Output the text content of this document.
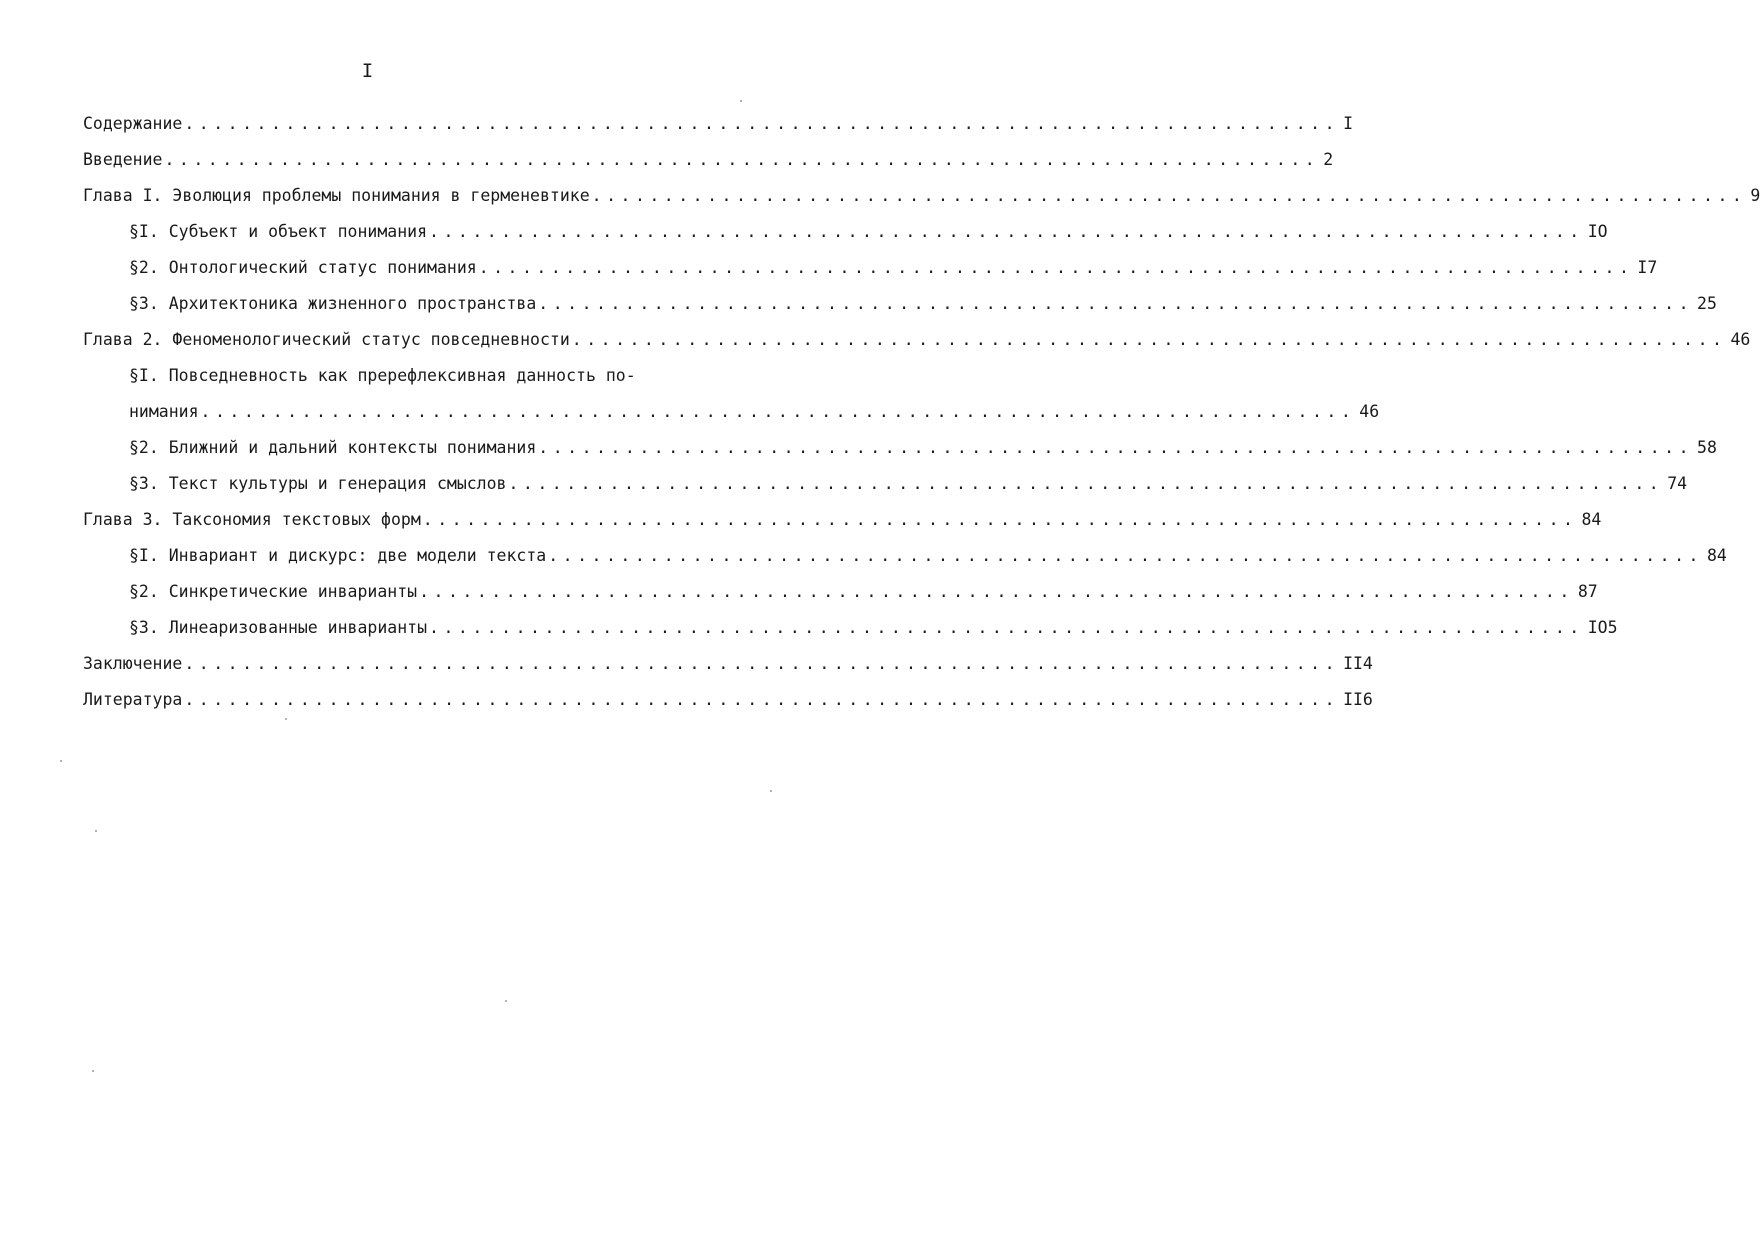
I
Содержание ................................................................................ I
Введение ................................................................................ 2
Глава I. Эволюция проблемы понимания в герменевтике ................................................................................ 9
§I. Субъект и объект понимания ................................................................................ IO
§2. Онтологический статус понимания ................................................................................ I7
§3. Архитектоника жизненного пространства ................................................................................ 25
Глава 2. Феноменологический статус повседневности ................................................................................ 46
§I. Повседневность как пререфлексивная данность по-
нимания ................................................................................ 46
§2. Ближний и дальний контексты понимания ................................................................................ 58
§3. Текст культуры и генерация смыслов ................................................................................ 74
Глава 3. Таксономия текстовых форм ................................................................................ 84
§I. Инвариант и дискурс: две модели текста ................................................................................ 84
§2. Синкретические инварианты ................................................................................ 87
§3. Линеаризованные инварианты ................................................................................ IO5
Заключение ................................................................................ II4
Литература ................................................................................ II6
